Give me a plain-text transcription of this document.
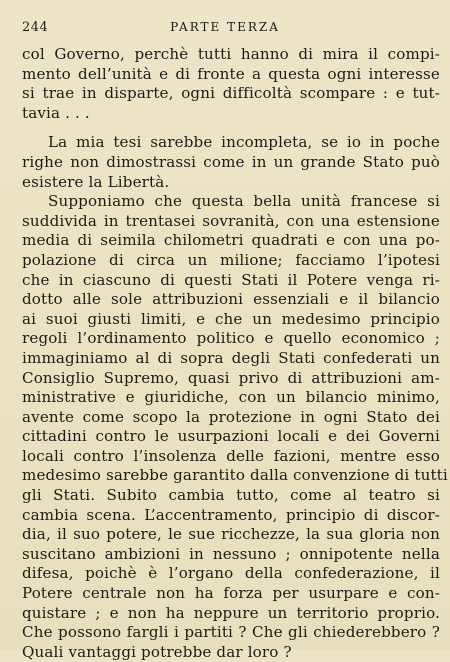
244	PARTE TERZA
col Governo, perchè tutti hanno di mira il compi-
mento dell’unità e di fronte a questa ogni interesse
si trae in disparte, ogni difficoltà scompare : e tut-
tavia . . .
La mia tesi sarebbe incompleta, se io in poche
righe non dimostrassi come in un grande Stato può
esistere la Libertà.
Supponiamo che questa bella unità francese si
suddivida in trentasei sovranità, con una estensione
media di seimila chilometri quadrati e con una po-
polazione di circa un milione; facciamo l’ipotesi
che in ciascuno di questi Stati il Potere venga ri-
dotto alle sole attribuzioni essenziali e il bilancio
ai suoi giusti limiti, e che un medesimo principio
regoli l’ordinamento politico e quello economico ;
immaginiamo al di sopra degli Stati confederati un
Consiglio Supremo, quasi privo di attribuzioni am-
ministrative e giuridiche, con un bilancio minimo,
avente come scopo la protezione in ogni Stato dei
cittadini contro le usurpazioni locali e dei Governi
locali contro l’insolenza delle fazioni, mentre esso
medesimo sarebbe garantito dalla convenzione di tutti
gli Stati. Subito cambia tutto, come al teatro si
cambia scena. L’accentramento, principio di discor-
dia, il suo potere, le sue ricchezze, la sua gloria non
suscitano ambizioni in nessuno ; onnipotente nella
difesa, poichè è l’organo della confederazione, il
Potere centrale non ha forza per usurpare e con-
quistare ; e non ha neppure un territorio proprio.
Che possono fargli i partiti ? Che gli chiederebbero ?
Quali vantaggi potrebbe dar loro ?
